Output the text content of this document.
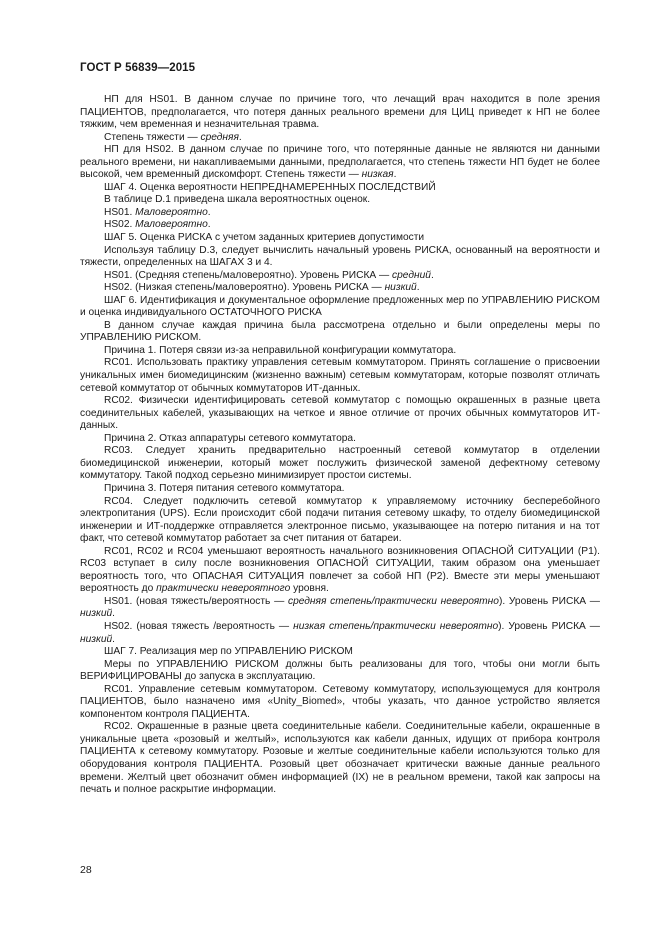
ГОСТ Р 56839—2015

НП для HS01. В данном случае по причине того, что лечащий врач находится в поле зрения ПАЦИЕНТОВ, предполагается, что потеря данных реального времени для ЦИЦ приведет к НП не более тяжким, чем временная и незначительная травма.

Степень тяжести — средняя.

НП для HS02. В данном случае по причине того, что потерянные данные не являются ни данными реального времени, ни накапливаемыми данными, предполагается, что степень тяжести НП будет не более высокой, чем временный дискомфорт. Степень тяжести — низкая.

ШАГ 4. Оценка вероятности НЕПРЕДНАМЕРЕННЫХ ПОСЛЕДСТВИЙ

В таблице D.1 приведена шкала вероятностных оценок.

HS01. Маловероятно.

HS02. Маловероятно.

ШАГ 5. Оценка РИСКА с учетом заданных критериев допустимости

Используя таблицу D.3, следует вычислить начальный уровень РИСКА, основанный на вероятности и тяжести, определенных на ШАГАХ 3 и 4.

HS01. (Средняя степень/маловероятно). Уровень РИСКА — средний.

HS02. (Низкая степень/маловероятно). Уровень РИСКА — низкий.

ШАГ 6. Идентификация и документальное оформление предложенных мер по УПРАВЛЕНИЮ РИСКОМ и оценка индивидуального ОСТАТОЧНОГО РИСКА

В данном случае каждая причина была рассмотрена отдельно и были определены меры по УПРАВЛЕНИЮ РИСКОМ.

Причина 1. Потеря связи из-за неправильной конфигурации коммутатора.

RC01. Использовать практику управления сетевым коммутатором. Принять соглашение о присвоении уникальных имен биомедицинским (жизненно важным) сетевым коммутаторам, которые позволят отличать сетевой коммутатор от обычных коммутаторов ИТ-данных.

RC02. Физически идентифицировать сетевой коммутатор с помощью окрашенных в разные цвета соединительных кабелей, указывающих на четкое и явное отличие от прочих обычных коммутаторов ИТ-данных.

Причина 2. Отказ аппаратуры сетевого коммутатора.

RC03. Следует хранить предварительно настроенный сетевой коммутатор в отделении биомедицинской инженерии, который может послужить физической заменой дефектному сетевому коммутатору. Такой подход серьезно минимизирует простои системы.

Причина 3. Потеря питания сетевого коммутатора.

RC04. Следует подключить сетевой коммутатор к управляемому источнику бесперебойного электропитания (UPS). Если происходит сбой подачи питания сетевому шкафу, то отделу биомедицинской инженерии и ИТ-поддержке отправляется электронное письмо, указывающее на потерю питания и на тот факт, что сетевой коммутатор работает за счет питания от батареи.

RC01, RC02 и RC04 уменьшают вероятность начального возникновения ОПАСНОЙ СИТУАЦИИ (P1). RC03 вступает в силу после возникновения ОПАСНОЙ СИТУАЦИИ, таким образом она уменьшает вероятность того, что ОПАСНАЯ СИТУАЦИЯ повлечет за собой НП (P2). Вместе эти меры уменьшают вероятность до практически невероятного уровня.

HS01. (новая тяжесть/вероятность — средняя степень/практически невероятно). Уровень РИСКА — низкий.

HS02. (новая тяжесть /вероятность — низкая степень/практически невероятно). Уровень РИСКА — низкий.

ШАГ 7. Реализация мер по УПРАВЛЕНИЮ РИСКОМ

Меры по УПРАВЛЕНИЮ РИСКОМ должны быть реализованы для того, чтобы они могли быть ВЕРИФИЦИРОВАНЫ до запуска в эксплуатацию.

RC01. Управление сетевым коммутатором. Сетевому коммутатору, использующемуся для контроля ПАЦИЕНТОВ, было назначено имя «Unity_Biomed», чтобы указать, что данное устройство является компонентом контроля ПАЦИЕНТА.

RC02. Окрашенные в разные цвета соединительные кабели. Соединительные кабели, окрашенные в уникальные цвета «розовый и желтый», используются как кабели данных, идущих от прибора контроля ПАЦИЕНТА к сетевому коммутатору. Розовые и желтые соединительные кабели используются только для оборудования контроля ПАЦИЕНТА. Розовый цвет обозначает критически важные данные реального времени. Желтый цвет обозначит обмен информацией (IX) не в реальном времени, такой как запросы на печать и полное раскрытие информации.

28
